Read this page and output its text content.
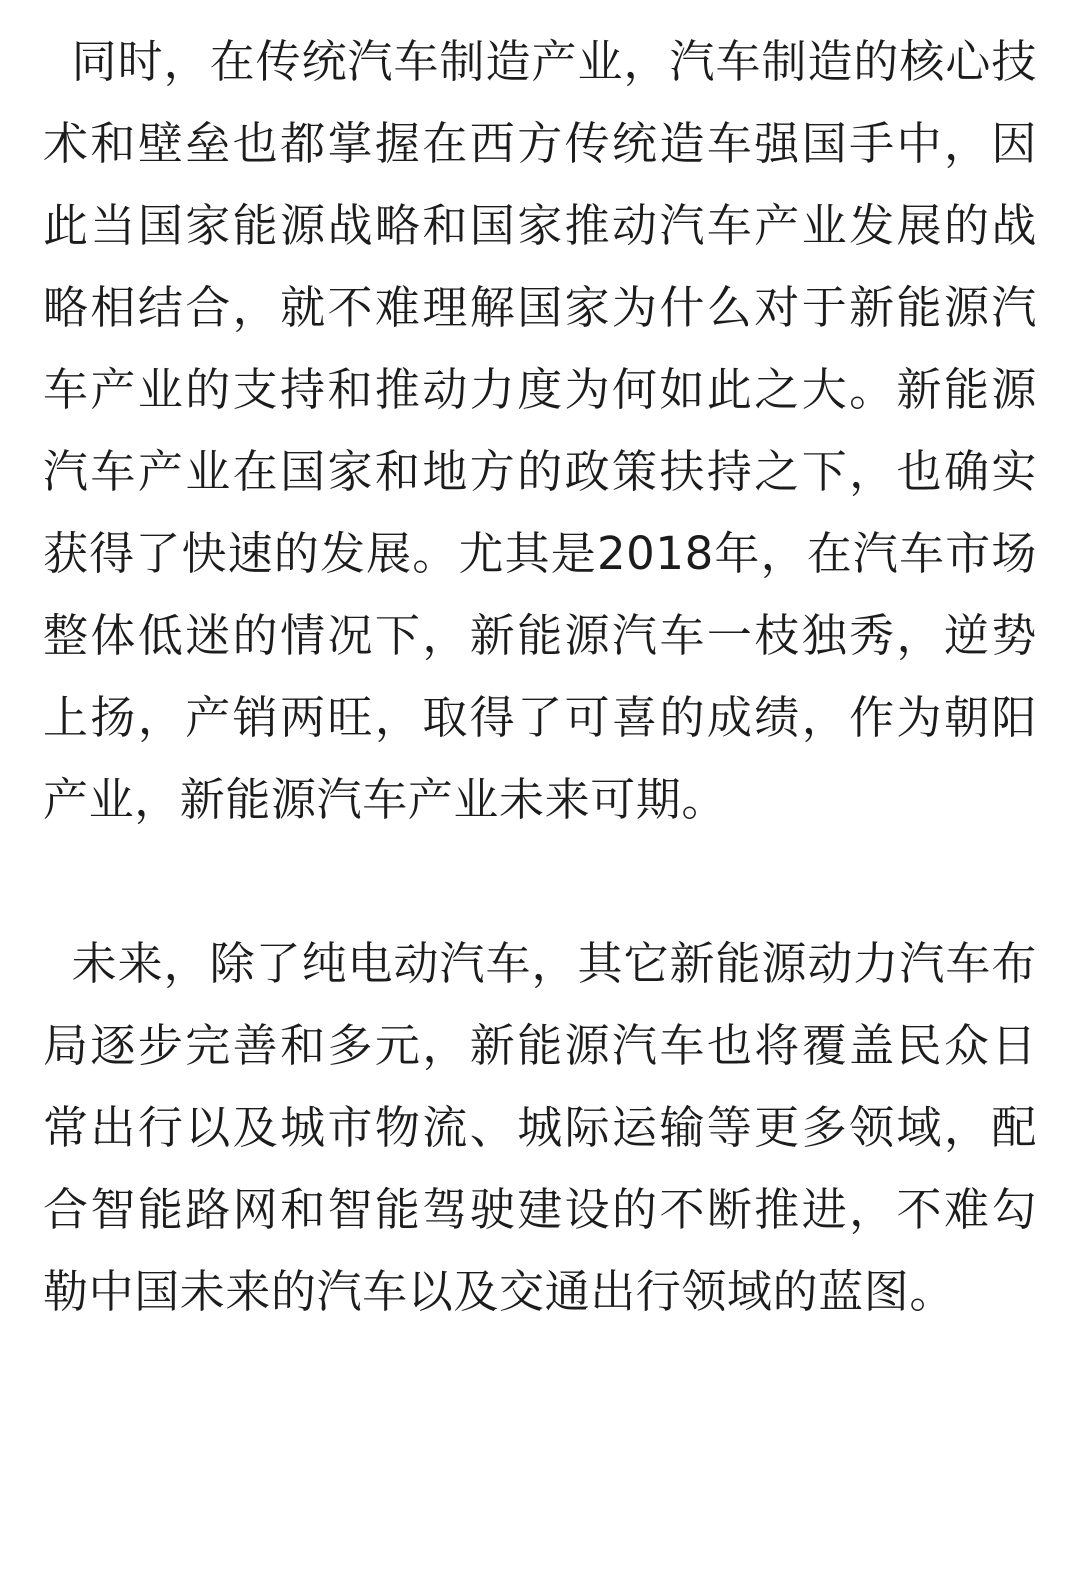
同时，在传统汽车制造产业，汽车制造的核心技术和壁垒也都掌握在西方传统造车强国手中，因此当国家能源战略和国家推动汽车产业发展的战略相结合，就不难理解国家为什么对于新能源汽车产业的支持和推动力度为何如此之大。新能源汽车产业在国家和地方的政策扶持之下，也确实获得了快速的发展。尤其是2018年，在汽车市场整体低迷的情况下，新能源汽车一枝独秀，逆势上扬，产销两旺，取得了可喜的成绩，作为朝阳产业，新能源汽车产业未来可期。

未来，除了纯电动汽车，其它新能源动力汽车布局逐步完善和多元，新能源汽车也将覆盖民众日常出行以及城市物流、城际运输等更多领域，配合智能路网和智能驾驶建设的不断推进，不难勾勒中国未来的汽车以及交通出行领域的蓝图。
